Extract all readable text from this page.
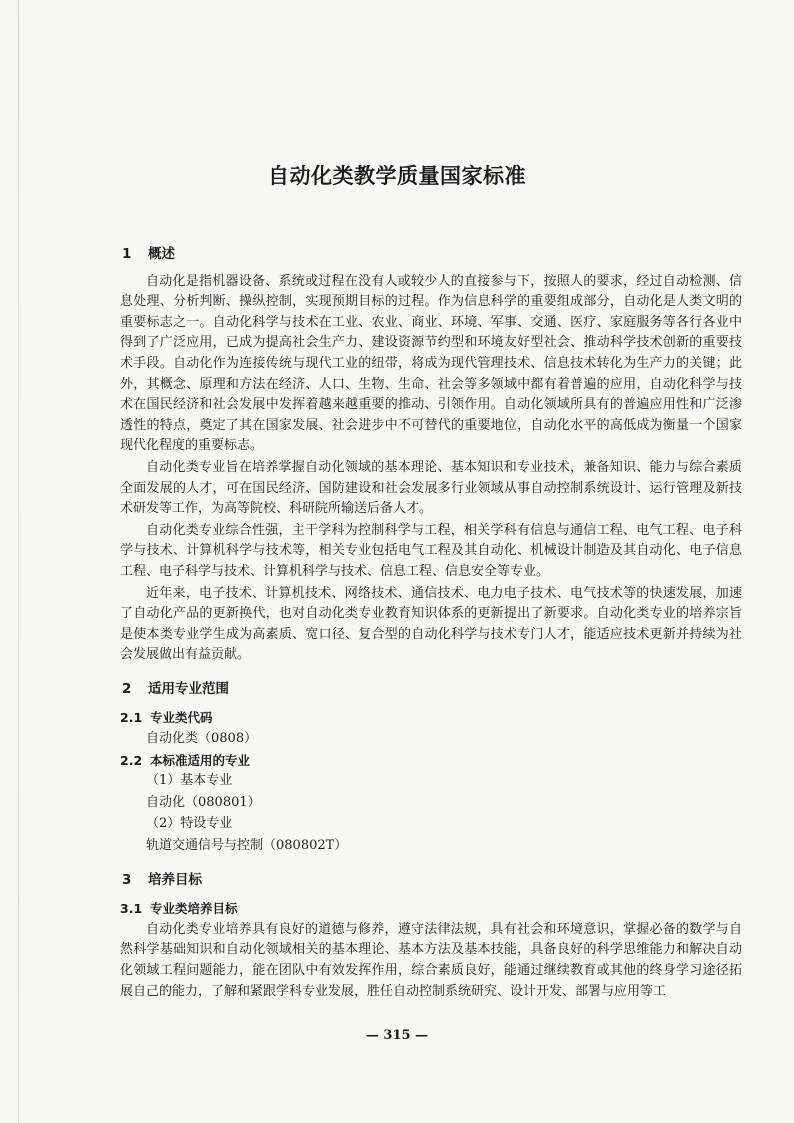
自动化类教学质量国家标准
1 概述

自动化是指机器设备、系统或过程在没有人或较少人的直接参与下，按照人的要求，经过自动检测、信息处理、分析判断、操纵控制，实现预期目标的过程。作为信息科学的重要组成部分，自动化是人类文明的重要标志之一。自动化科学与技术在工业、农业、商业、环境、军事、交通、医疗、家庭服务等各行各业中得到了广泛应用，已成为提高社会生产力、建设资源节约型和环境友好型社会、推动科学技术创新的重要技术手段。自动化作为连接传统与现代工业的纽带，将成为现代管理技术、信息技术转化为生产力的关键；此外，其概念、原理和方法在经济、人口、生物、生命、社会等多领域中都有着普遍的应用，自动化科学与技术在国民经济和社会发展中发挥着越来越重要的推动、引领作用。自动化领域所具有的普遍应用性和广泛渗透性的特点，奠定了其在国家发展、社会进步中不可替代的重要地位，自动化水平的高低成为衡量一个国家现代化程度的重要标志。

自动化类专业旨在培养掌握自动化领域的基本理论、基本知识和专业技术，兼备知识、能力与综合素质全面发展的人才，可在国民经济、国防建设和社会发展多行业领域从事自动控制系统设计、运行管理及新技术研发等工作，为高等院校、科研院所输送后备人才。

自动化类专业综合性强，主干学科为控制科学与工程，相关学科有信息与通信工程、电气工程、电子科学与技术、计算机科学与技术等，相关专业包括电气工程及其自动化、机械设计制造及其自动化、电子信息工程、电子科学与技术、计算机科学与技术、信息工程、信息安全等专业。

近年来，电子技术、计算机技术、网络技术、通信技术、电力电子技术、电气技术等的快速发展，加速了自动化产品的更新换代，也对自动化类专业教育知识体系的更新提出了新要求。自动化类专业的培养宗旨是使本类专业学生成为高素质、宽口径、复合型的自动化科学与技术专门人才，能适应技术更新并持续为社会发展做出有益贡献。

2 适用专业范围
2.1 专业类代码

自动化类（0808）

2.2 本标准适用的专业

（1）基本专业

自动化（080801）

（2）特设专业

轨道交通信号与控制（080802T）

3 培养目标
3.1 专业类培养目标

自动化类专业培养具有良好的道德与修养，遵守法律法规，具有社会和环境意识，掌握必备的数学与自然科学基础知识和自动化领域相关的基本理论、基本方法及基本技能，具备良好的科学思维能力和解决自动化领域工程问题能力，能在团队中有效发挥作用，综合素质良好，能通过继续教育或其他的终身学习途径拓展自己的能力，了解和紧跟学科专业发展，胜任自动控制系统研究、设计开发、部署与应用等工

— 315 —
